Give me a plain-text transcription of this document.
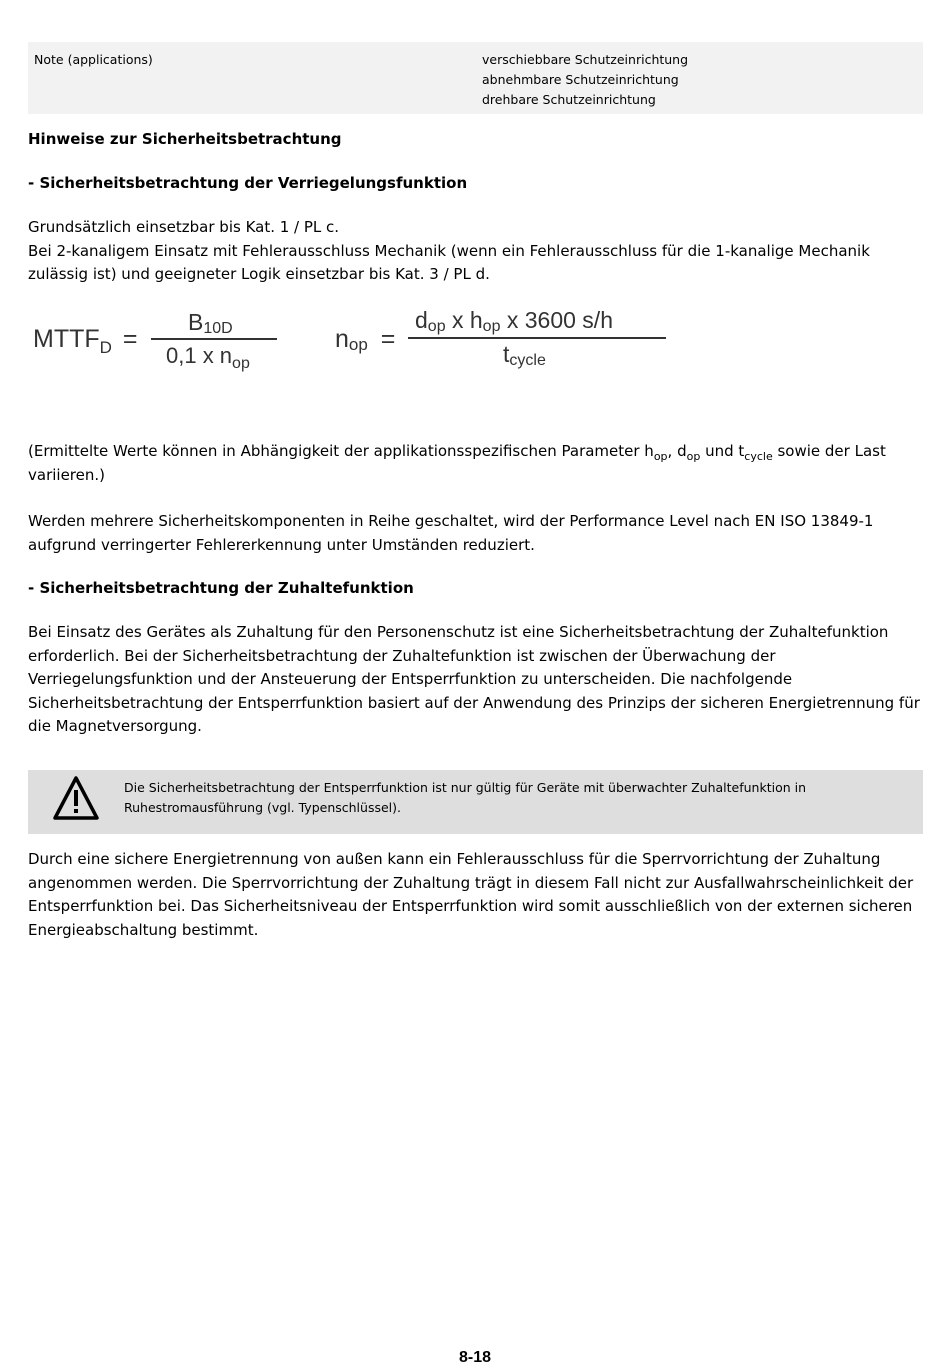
Note (applications)	verschiebbare Schutzeinrichtung
abnehmbare Schutzeinrichtung
drehbare Schutzeinrichtung
Hinweise zur Sicherheitsbetrachtung
- Sicherheitsbetrachtung der Verriegelungsfunktion
Grundsätzlich einsetzbar bis Kat. 1 / PL c.
Bei 2-kanaligem Einsatz mit Fehlerausschluss Mechanik (wenn ein Fehlerausschluss für die 1-kanalige Mechanik zulässig ist) und geeigneter Logik einsetzbar bis Kat. 3 / PL d.
$MTTF_D$ =
$B_{10D}$
0,1 x $n_{op}$
$n_{op}$ =
$d_{op}$ x $h_{op}$ x 3600 s/h
$t_{cycle}$
(Ermittelte Werte können in Abhängigkeit der applikationsspezifischen Parameter $h_{op}$, $d_{op}$ und $t_{cycle}$ sowie der Last variieren.)
Werden mehrere Sicherheitskomponenten in Reihe geschaltet, wird der Performance Level nach EN ISO 13849-1 aufgrund verringerter Fehlererkennung unter Umständen reduziert.
- Sicherheitsbetrachtung der Zuhaltefunktion
Bei Einsatz des Gerätes als Zuhaltung für den Personenschutz ist eine Sicherheitsbetrachtung der Zuhaltefunktion erforderlich. Bei der Sicherheitsbetrachtung der Zuhaltefunktion ist zwischen der Überwachung der Verriegelungsfunktion und der Ansteuerung der Entsperrfunktion zu unterscheiden. Die nachfolgende Sicherheitsbetrachtung der Entsperrfunktion basiert auf der Anwendung des Prinzips der sicheren Energietrennung für die Magnetversorgung.
Die Sicherheitsbetrachtung der Entsperrfunktion ist nur gültig für Geräte mit überwachter Zuhaltefunktion in Ruhestromausführung (vgl. Typenschlüssel).
Durch eine sichere Energietrennung von außen kann ein Fehlerausschluss für die Sperrvorrichtung der Zuhaltung angenommen werden. Die Sperrvorrichtung der Zuhaltung trägt in diesem Fall nicht zur Ausfallwahrscheinlichkeit der Entsperrfunktion bei. Das Sicherheitsniveau der Entsperrfunktion wird somit ausschließlich von der externen sicheren Energieabschaltung bestimmt.
8-18
